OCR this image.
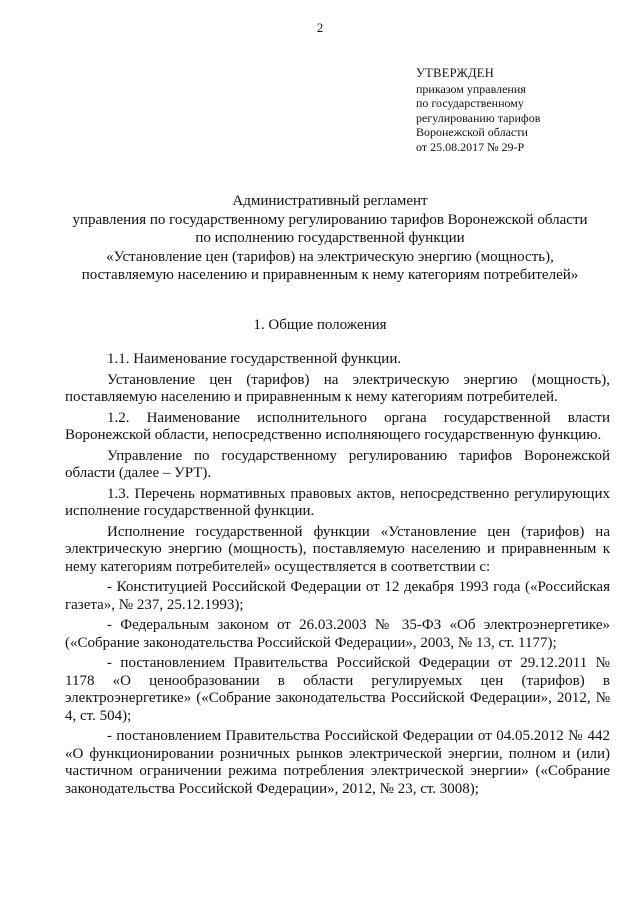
2
УТВЕРЖДЕН
приказом управления
по государственному
регулированию тарифов
Воронежской области
от 25.08.2017 № 29-Р
Административный регламент
управления по государственному регулированию тарифов Воронежской области
по исполнению государственной функции
«Установление цен (тарифов) на электрическую энергию (мощность),
поставляемую населению и приравненным к нему категориям потребителей»
1. Общие положения

1.1. Наименование государственной функции.

Установление цен (тарифов) на электрическую энергию (мощность), поставляемую населению и приравненным к нему категориям потребителей.

1.2. Наименование исполнительного органа государственной власти Воронежской области, непосредственно исполняющего государственную функцию.

Управление по государственному регулированию тарифов Воронежской области (далее – УРТ).

1.3. Перечень нормативных правовых актов, непосредственно регулирующих исполнение государственной функции.

Исполнение государственной функции «Установление цен (тарифов) на электрическую энергию (мощность), поставляемую населению и приравненным к нему категориям потребителей» осуществляется в соответствии с:

- Конституцией Российской Федерации от 12 декабря 1993 года («Российская газета», № 237, 25.12.1993);

- Федеральным законом от 26.03.2003 № 35-ФЗ «Об электроэнергетике» («Собрание законодательства Российской Федерации», 2003, № 13, ст. 1177);

- постановлением Правительства Российской Федерации от 29.12.2011 № 1178 «О ценообразовании в области регулируемых цен (тарифов) в электроэнергетике» («Собрание законодательства Российской Федерации», 2012, № 4, ст. 504);

- постановлением Правительства Российской Федерации от 04.05.2012 № 442 «О функционировании розничных рынков электрической энергии, полном и (или) частичном ограничении режима потребления электрической энергии» («Собрание законодательства Российской Федерации», 2012, № 23, ст. 3008);
